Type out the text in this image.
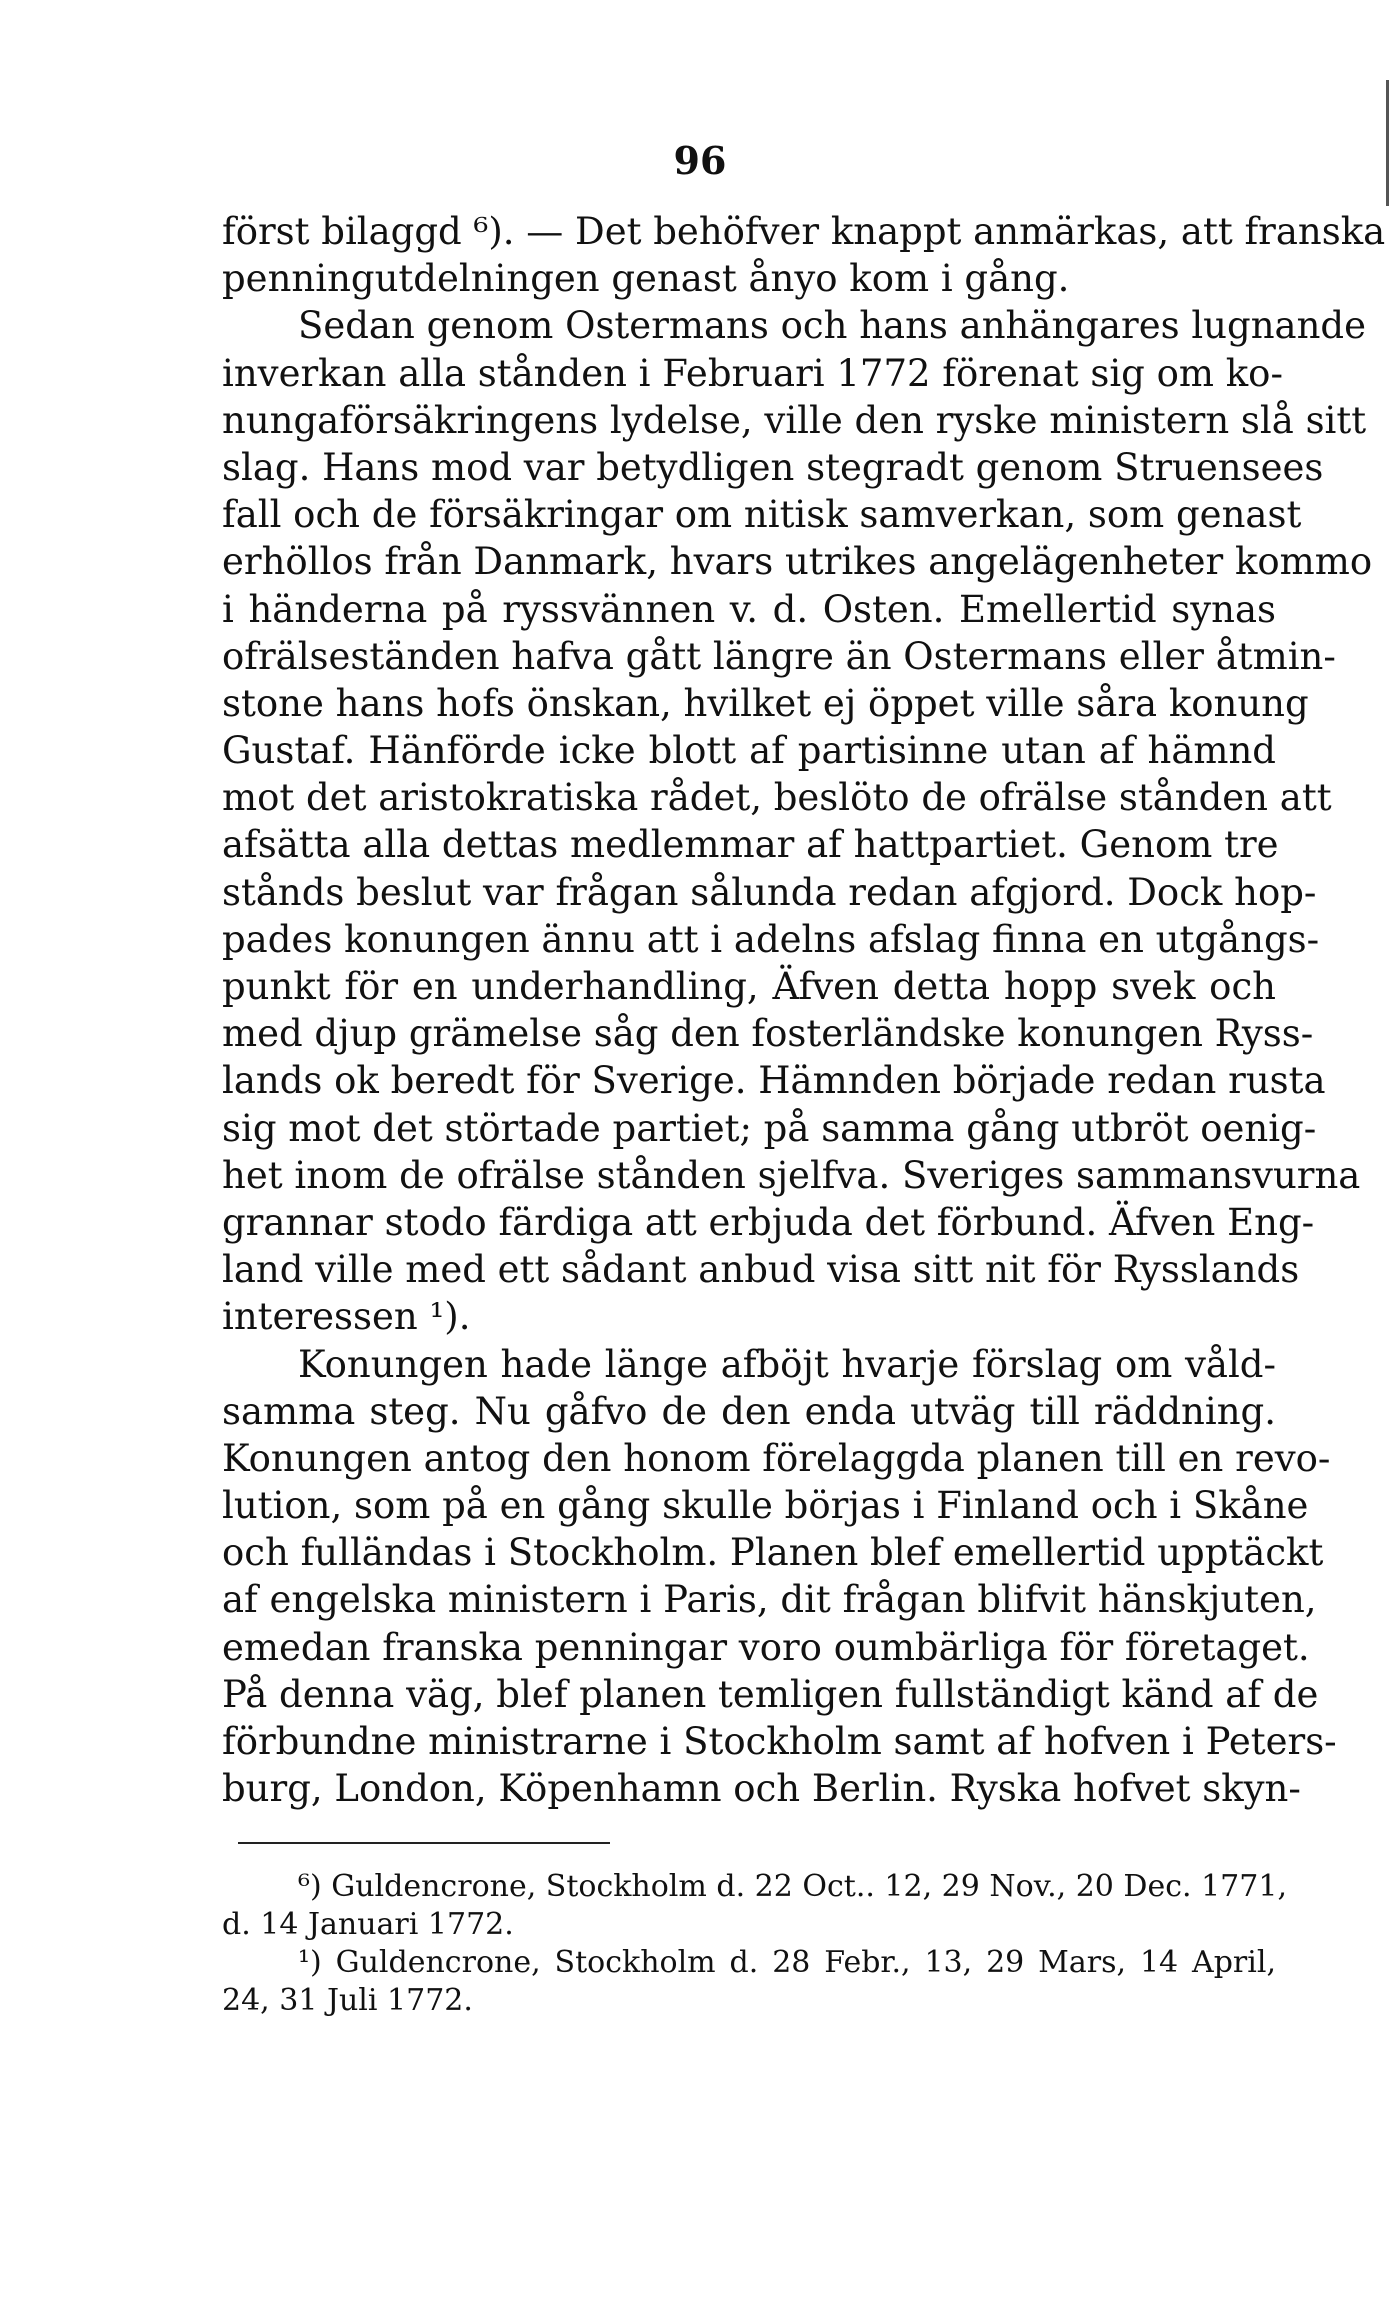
96
först bilaggd ⁶). — Det behöfver knappt anmärkas, att franska
penningutdelningen genast ånyo kom i gång.
Sedan genom Ostermans och hans anhängares lugnande
inverkan alla stånden i Februari 1772 förenat sig om ko-
nungaförsäkringens lydelse, ville den ryske ministern slå sitt
slag. Hans mod var betydligen stegradt genom Struensees
fall och de försäkringar om nitisk samverkan, som genast
erhöllos från Danmark, hvars utrikes angelägenheter kommo
i händerna på ryssvännen v. d. Osten. Emellertid synas
ofrälseständen hafva gått längre än Ostermans eller åtmin-
stone hans hofs önskan, hvilket ej öppet ville såra konung
Gustaf. Hänförde icke blott af partisinne utan af hämnd
mot det aristokratiska rådet, beslöto de ofrälse stånden att
afsätta alla dettas medlemmar af hattpartiet. Genom tre
stånds beslut var frågan sålunda redan afgjord. Dock hop-
pades konungen ännu att i adelns afslag finna en utgångs-
punkt för en underhandling, Äfven detta hopp svek och
med djup grämelse såg den fosterländske konungen Ryss-
lands ok beredt för Sverige. Hämnden började redan rusta
sig mot det störtade partiet; på samma gång utbröt oenig-
het inom de ofrälse stånden sjelfva. Sveriges sammansvurna
grannar stodo färdiga att erbjuda det förbund. Äfven Eng-
land ville med ett sådant anbud visa sitt nit för Rysslands
interessen ¹).
Konungen hade länge afböjt hvarje förslag om våld-
samma steg. Nu gåfvo de den enda utväg till räddning.
Konungen antog den honom förelaggda planen till en revo-
lution, som på en gång skulle börjas i Finland och i Skåne
och fulländas i Stockholm. Planen blef emellertid upptäckt
af engelska ministern i Paris, dit frågan blifvit hänskjuten,
emedan franska penningar voro oumbärliga för företaget.
På denna väg, blef planen temligen fullständigt känd af de
förbundne ministrarne i Stockholm samt af hofven i Peters-
burg, London, Köpenhamn och Berlin. Ryska hofvet skyn-
⁶) Guldencrone, Stockholm d. 22 Oct.. 12, 29 Nov., 20 Dec. 1771,
d. 14 Januari 1772.
¹) Guldencrone, Stockholm d. 28 Febr., 13, 29 Mars, 14 April,
24, 31 Juli 1772.
